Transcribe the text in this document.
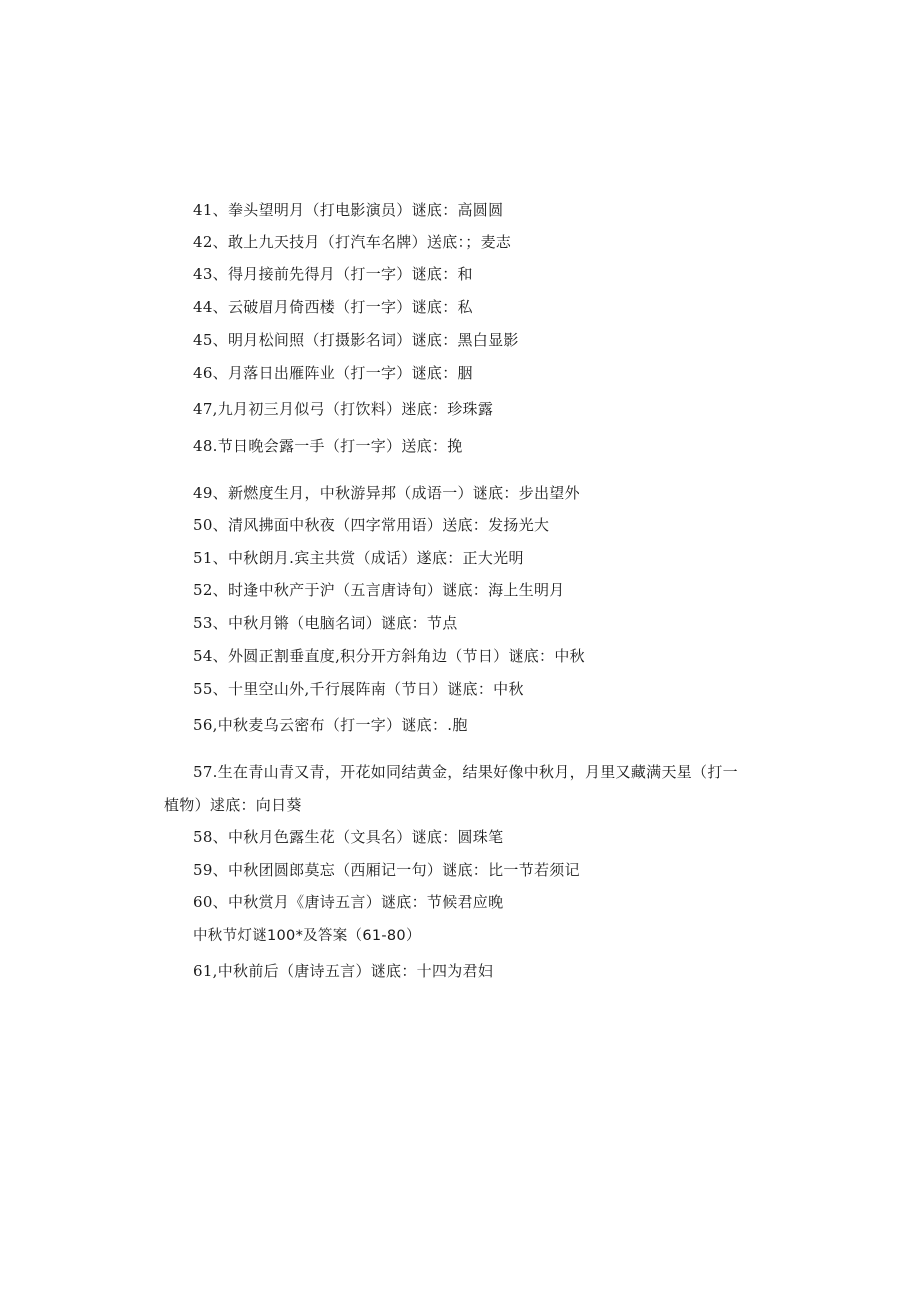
41、拳头望明月（打电影演员）谜底：高圆圆
42、敢上九天技月（打汽车名牌）送底：；麦志
43、得月接前先得月（打一字）谜底：和
44、云破眉月倚西楼（打一字）谜底：私
45、明月松间照（打摄影名词）谜底：黑白显影
46、月落日出雁阵业（打一字）谜底：胭
47,九月初三月似弓（打饮料）迷底：珍珠露
48.节日晚会露一手（打一字）送底：挽
49、新燃度生月，中秋游异邦（成语一）谜底：步出望外
50、清风拂面中秋夜（四字常用语）送底：发扬光大
51、中秋朗月.宾主共赏（成话）遂底：正大光明
52、时逢中秋产于沪（五言唐诗旬）谜底：海上生明月
53、中秋月锵（电脑名词）谜底：节点
54、外圆正割垂直度,积分开方斜角边（节日）谜底：中秋
55、十里空山外,千行展阵南（节日）谜底：中秋
56,中秋麦乌云密布（打一字）谜底：.胞
57.生在青山青又青，开花如同结黄金，结果好像中秋月，月里又藏满天星（打一
植物）逑底：向日葵
58、中秋月色露生花（文具名）谜底：圆珠笔
59、中秋团圆郎莫忘（西厢记一句）谜底：比一节若须记
60、中秋赏月《唐诗五言）谜底：节候君应晚
中秋节灯谜100*及答案（61-80）
61,中秋前后（唐诗五言）谜底：十四为君妇
